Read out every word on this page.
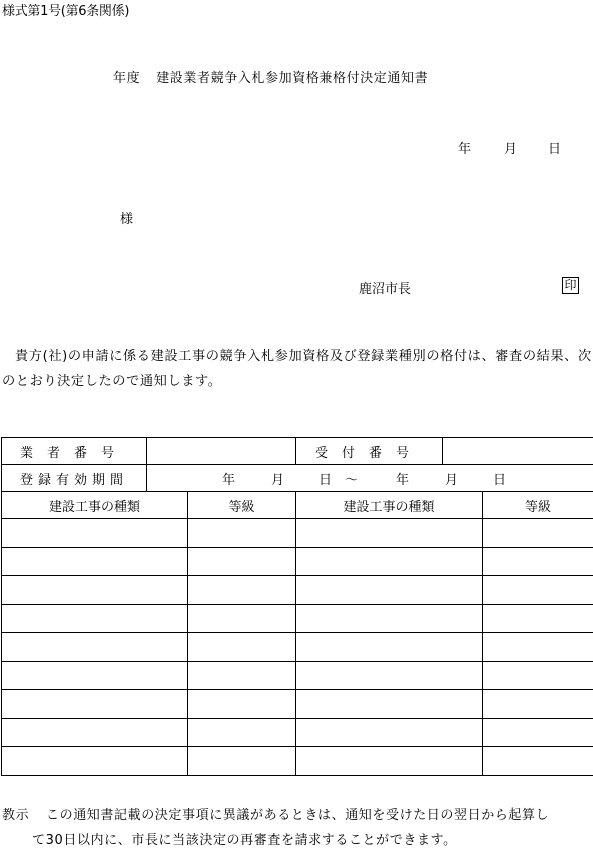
様式第1号(第6条関係)
年度 建設業者競争入札参加資格兼格付決定通知書
年	月 日
様
鹿沼市長	印
貴方(社)の申請に係る建設工事の競争入札参加資格及び登録業種別の格付は、審査の結果、次のとおり決定したので通知します。
業者番号			受付番号		
登録有効期間	年 月 日 ～ 年 月 日				
建設工事の種類		等級	建設工事の種類		等級

教示 この通知書記載の決定事項に異議があるときは、通知を受けた日の翌日から起算し
て30日以内に、市長に当該決定の再審査を請求することができます。
